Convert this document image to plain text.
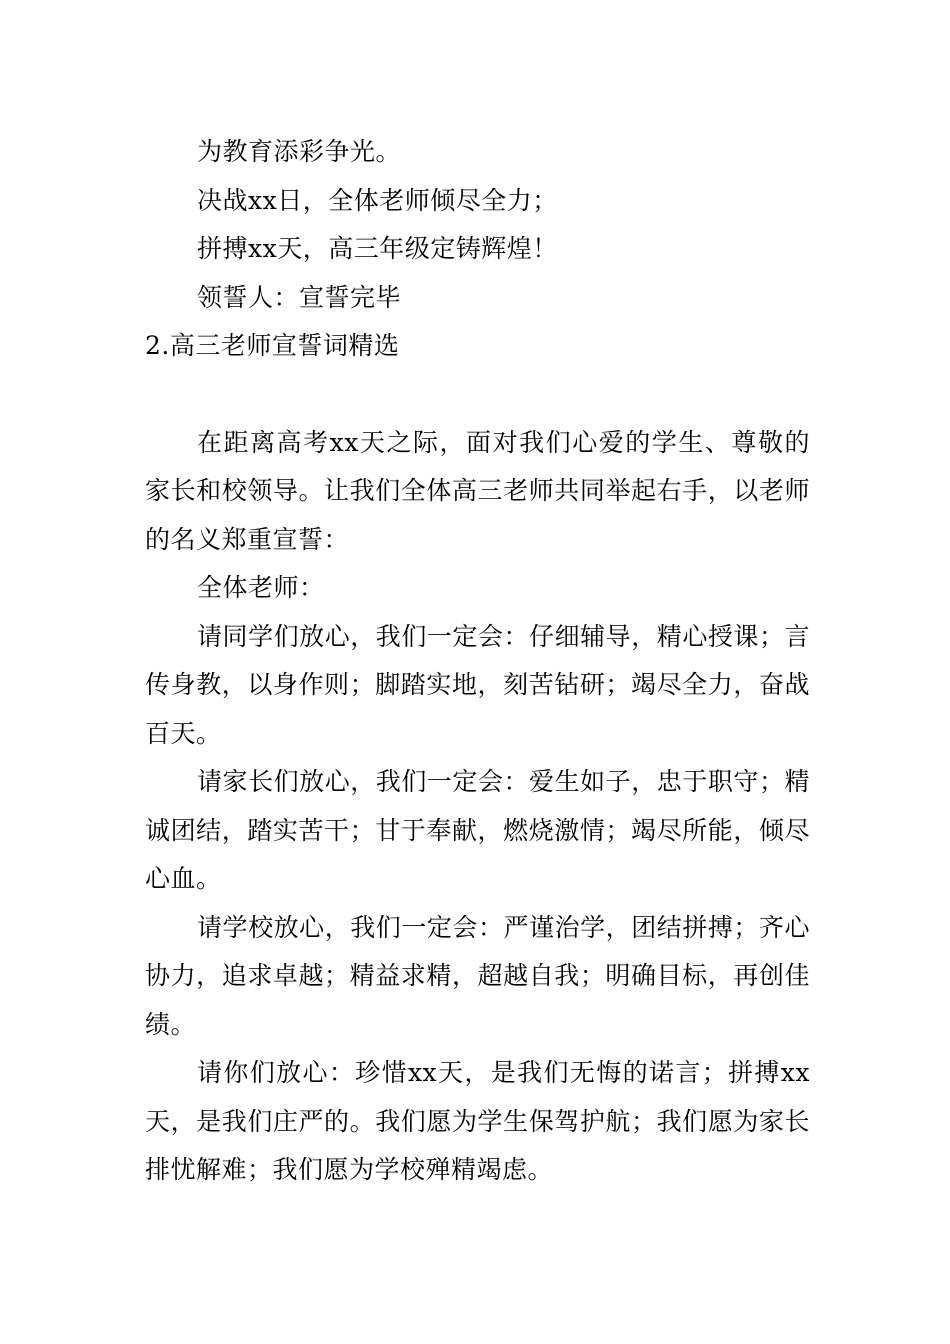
为教育添彩争光。

决战xx日，全体老师倾尽全力；

拼搏xx天，高三年级定铸辉煌！

领誓人：宣誓完毕

2.高三老师宣誓词精选

在距离高考xx天之际，面对我们心爱的学生、尊敬的家长和校领导。让我们全体高三老师共同举起右手，以老师的名义郑重宣誓：

全体老师：

请同学们放心，我们一定会：仔细辅导，精心授课；言传身教，以身作则；脚踏实地，刻苦钻研；竭尽全力，奋战百天。

请家长们放心，我们一定会：爱生如子，忠于职守；精诚团结，踏实苦干；甘于奉献，燃烧激情；竭尽所能，倾尽心血。

请学校放心，我们一定会：严谨治学，团结拼搏；齐心协力，追求卓越；精益求精，超越自我；明确目标，再创佳绩。

请你们放心：珍惜xx天，是我们无悔的诺言；拼搏xx天，是我们庄严的。我们愿为学生保驾护航；我们愿为家长排忧解难；我们愿为学校殚精竭虑。
